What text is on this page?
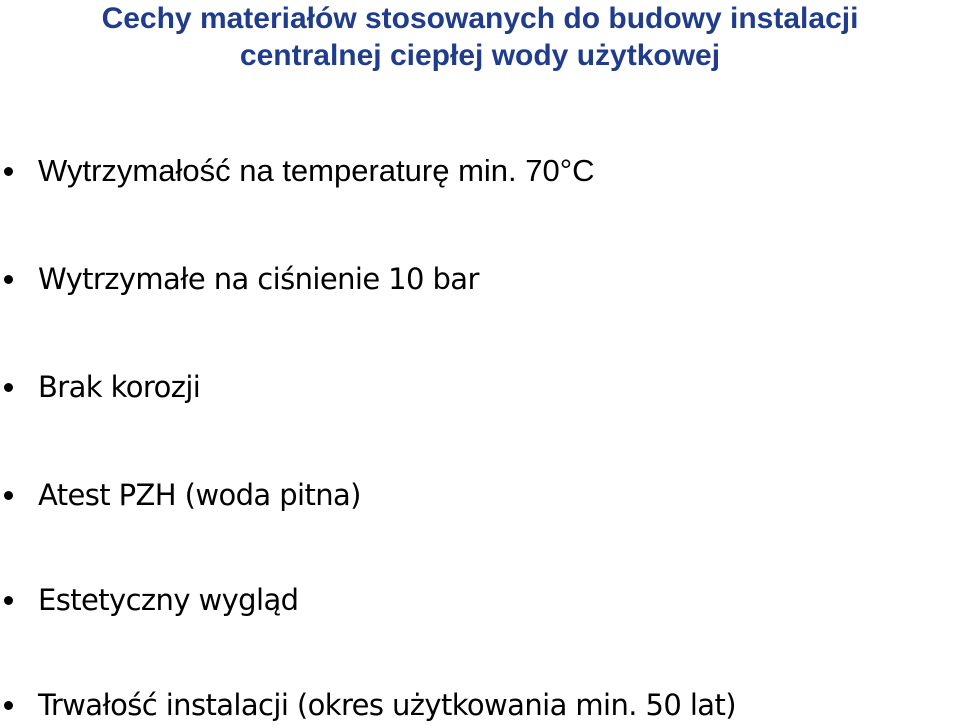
Cechy materiałów stosowanych do budowy instalacji
centralnej ciepłej wody użytkowej
Wytrzymałość na temperaturę min. 70°C
Wytrzymałe na ciśnienie 10 bar
Brak korozji
Atest PZH (woda pitna)
Estetyczny wygląd
Trwałość instalacji (okres użytkowania min. 50 lat)
